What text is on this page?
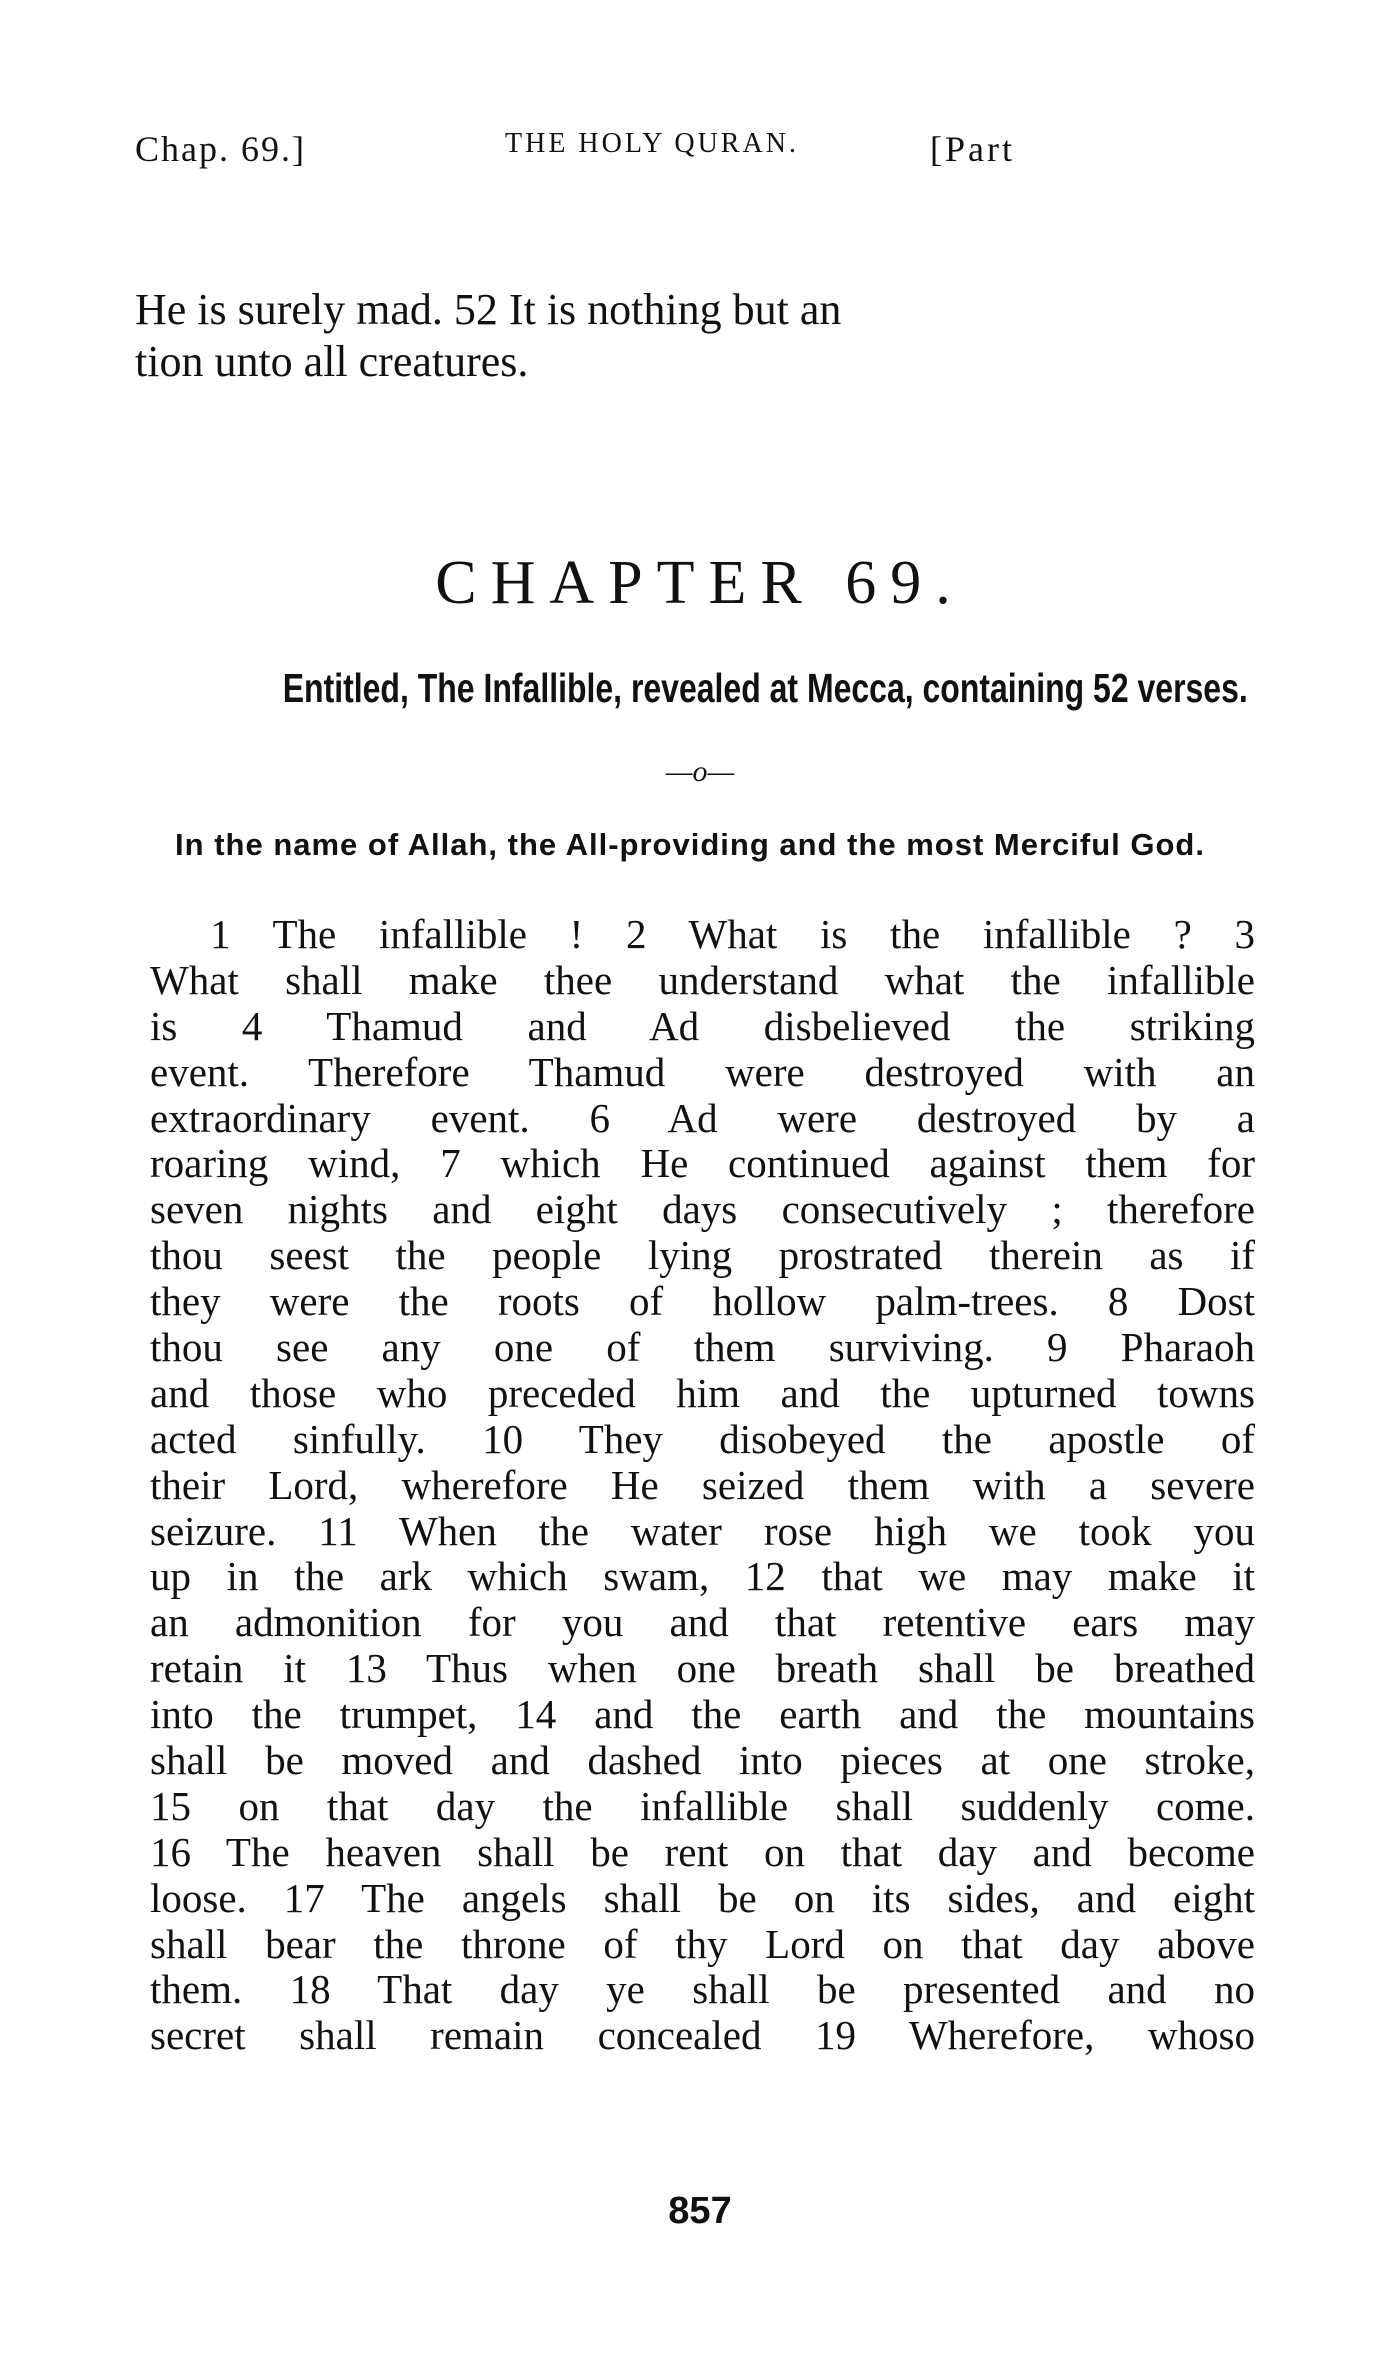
Chap. 69.]	THE HOLY QURAN.	[Part
He is surely mad. 52 It is nothing but an
tion unto all creatures.
CHAPTER 69.
Entitled, The Infallible, revealed at Mecca, containing 52 verses.
—o—
In the name of Allah, the All-providing and the most Merciful God.
1 The infallible ! 2 What is the infallible ? 3
What shall make thee understand what the infallible
is 4 Thamud and Ad disbelieved the striking
event. Therefore Thamud were destroyed with an
extraordinary event. 6 Ad were destroyed by a
roaring wind, 7 which He continued against them for
seven nights and eight days consecutively ; therefore
thou seest the people lying prostrated therein as if
they were the roots of hollow palm-trees. 8 Dost
thou see any one of them surviving. 9 Pharaoh
and those who preceded him and the upturned towns
acted sinfully. 10 They disobeyed the apostle of
their Lord, wherefore He seized them with a severe
seizure. 11 When the water rose high we took you
up in the ark which swam, 12 that we may make it
an admonition for you and that retentive ears may
retain it 13 Thus when one breath shall be breathed
into the trumpet, 14 and the earth and the mountains
shall be moved and dashed into pieces at one stroke,
15 on that day the infallible shall suddenly come.
16 The heaven shall be rent on that day and become
loose. 17 The angels shall be on its sides, and eight
shall bear the throne of thy Lord on that day above
them. 18 That day ye shall be presented and no
secret shall remain concealed 19 Wherefore, whoso
857
